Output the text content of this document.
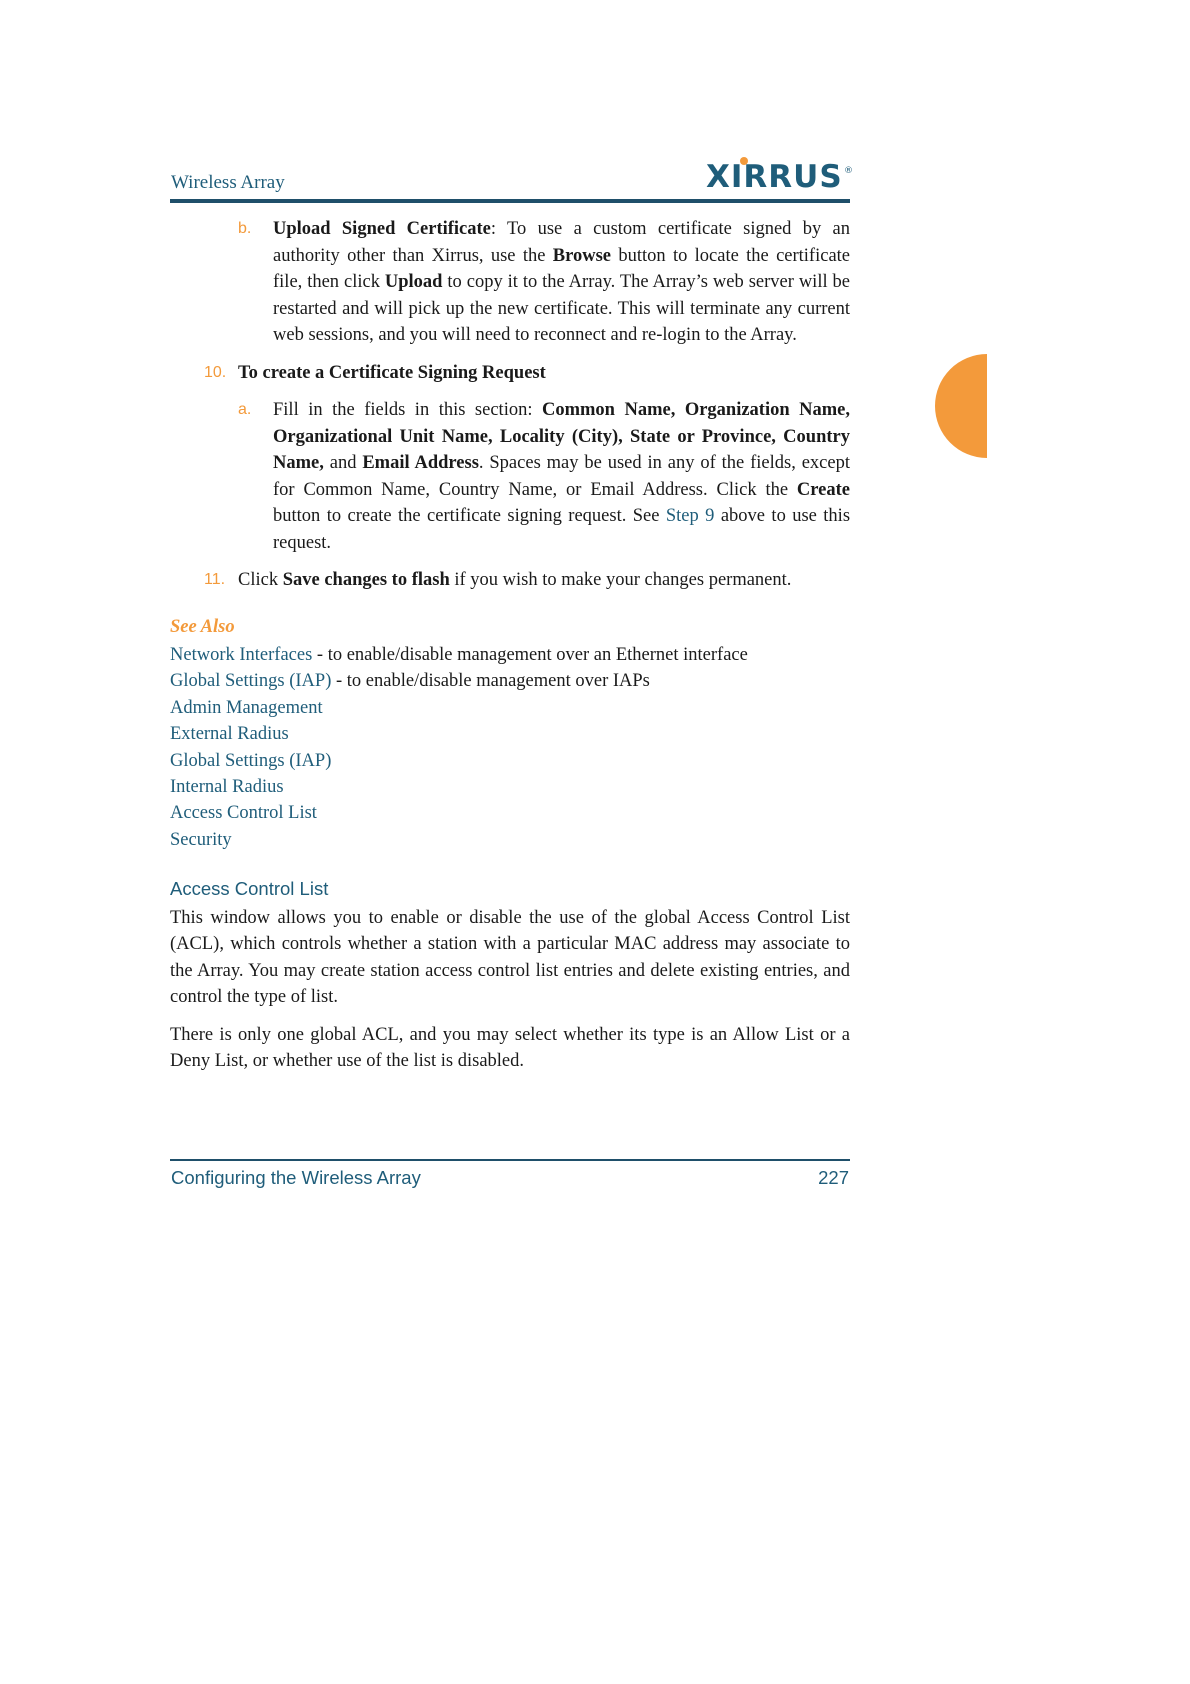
Wireless Array	XIRRUS ®
b. Upload Signed Certificate: To use a custom certificate signed by an authority other than Xirrus, use the Browse button to locate the certificate file, then click Upload to copy it to the Array. The Array’s web server will be restarted and will pick up the new certificate. This will terminate any current web sessions, and you will need to reconnect and re-login to the Array.
10. To create a Certificate Signing Request
a. Fill in the fields in this section: Common Name, Organization Name, Organizational Unit Name, Locality (City), State or Province, Country Name, and Email Address. Spaces may be used in any of the fields, except for Common Name, Country Name, or Email Address. Click the Create button to create the certificate signing request. See Step 9 above to use this request.
11. Click Save changes to flash if you wish to make your changes permanent.
See Also
Network Interfaces - to enable/disable management over an Ethernet interface
Global Settings (IAP) - to enable/disable management over IAPs
Admin Management
External Radius
Global Settings (IAP)
Internal Radius
Access Control List
Security
Access Control List

This window allows you to enable or disable the use of the global Access Control List (ACL), which controls whether a station with a particular MAC address may associate to the Array. You may create station access control list entries and delete existing entries, and control the type of list.

There is only one global ACL, and you may select whether its type is an Allow List or a Deny List, or whether use of the list is disabled.

Configuring the Wireless Array	227
